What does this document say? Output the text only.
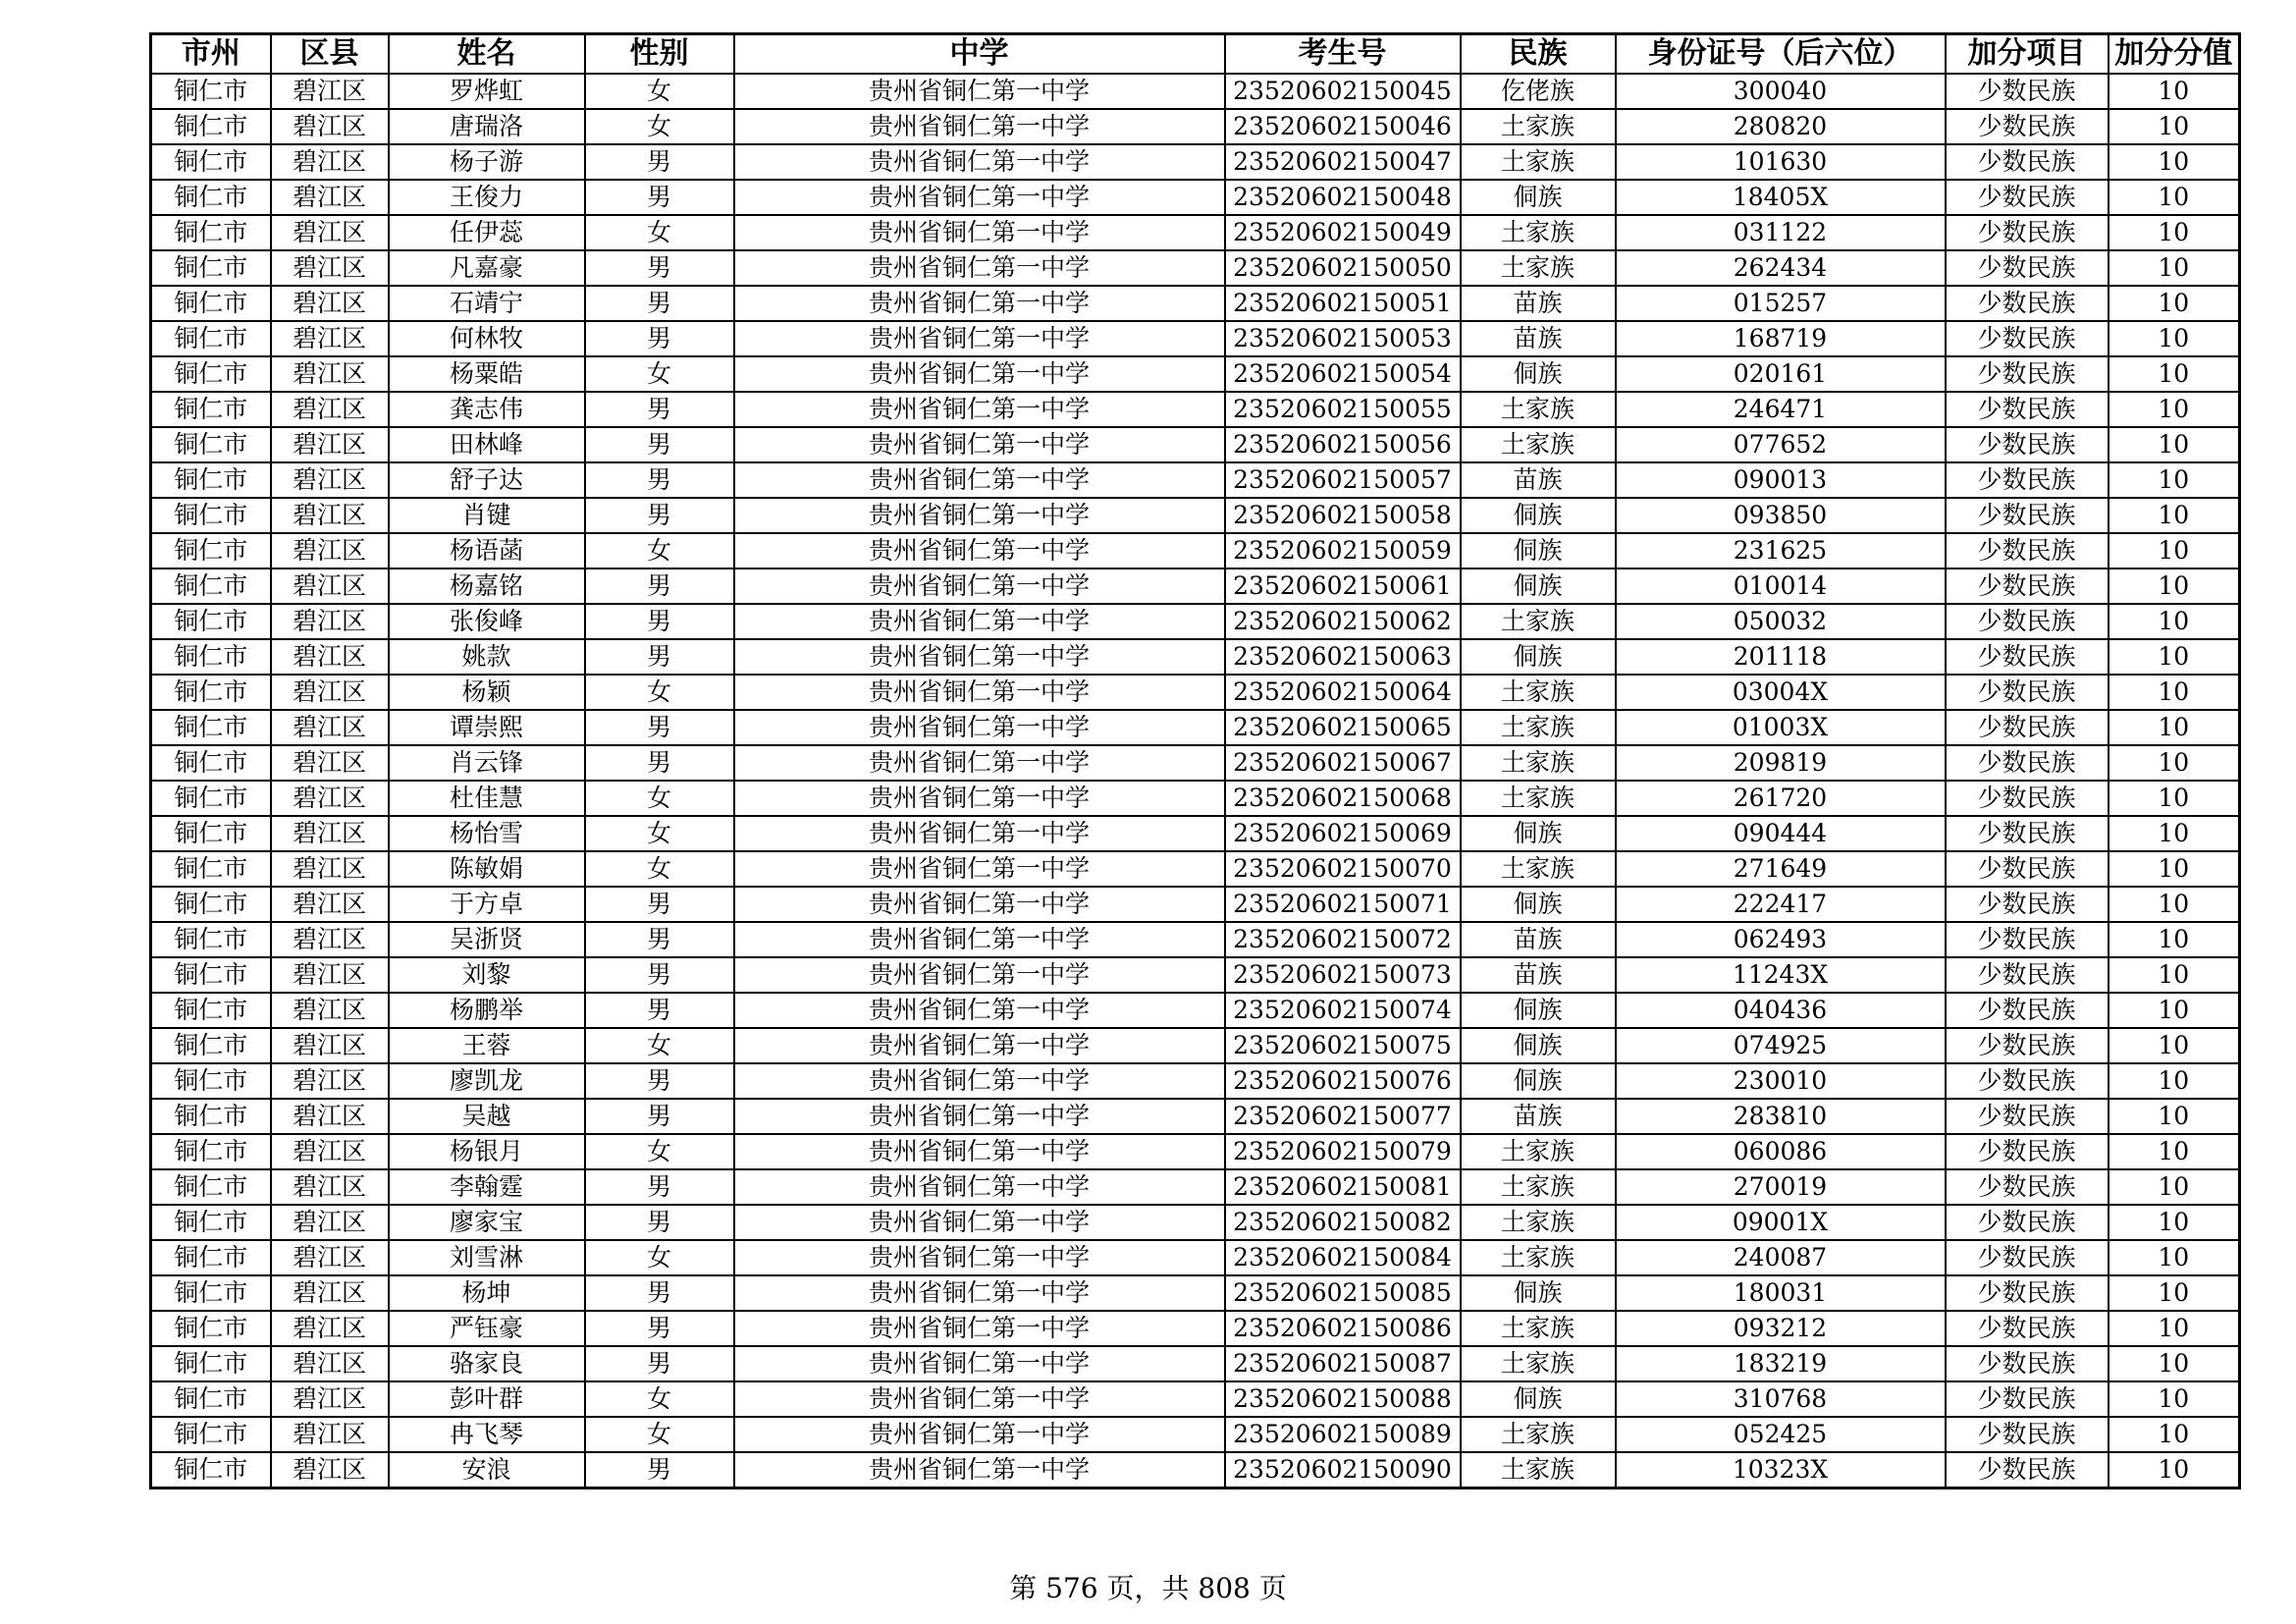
市州	区县	姓名	性别	中学	考生号	民族	身份证号（后六位）	加分项目	加分分值
铜仁市	碧江区	罗烨虹	女	贵州省铜仁第一中学	23520602150045	仡佬族	300040	少数民族	10
铜仁市	碧江区	唐瑞洛	女	贵州省铜仁第一中学	23520602150046	土家族	280820	少数民族	10
铜仁市	碧江区	杨子游	男	贵州省铜仁第一中学	23520602150047	土家族	101630	少数民族	10
铜仁市	碧江区	王俊力	男	贵州省铜仁第一中学	23520602150048	侗族	18405X	少数民族	10
铜仁市	碧江区	任伊蕊	女	贵州省铜仁第一中学	23520602150049	土家族	031122	少数民族	10
铜仁市	碧江区	凡嘉豪	男	贵州省铜仁第一中学	23520602150050	土家族	262434	少数民族	10
铜仁市	碧江区	石靖宁	男	贵州省铜仁第一中学	23520602150051	苗族	015257	少数民族	10
铜仁市	碧江区	何林牧	男	贵州省铜仁第一中学	23520602150053	苗族	168719	少数民族	10
铜仁市	碧江区	杨粟皓	女	贵州省铜仁第一中学	23520602150054	侗族	020161	少数民族	10
铜仁市	碧江区	龚志伟	男	贵州省铜仁第一中学	23520602150055	土家族	246471	少数民族	10
铜仁市	碧江区	田林峰	男	贵州省铜仁第一中学	23520602150056	土家族	077652	少数民族	10
铜仁市	碧江区	舒子达	男	贵州省铜仁第一中学	23520602150057	苗族	090013	少数民族	10
铜仁市	碧江区	肖键	男	贵州省铜仁第一中学	23520602150058	侗族	093850	少数民族	10
铜仁市	碧江区	杨语菡	女	贵州省铜仁第一中学	23520602150059	侗族	231625	少数民族	10
铜仁市	碧江区	杨嘉铭	男	贵州省铜仁第一中学	23520602150061	侗族	010014	少数民族	10
铜仁市	碧江区	张俊峰	男	贵州省铜仁第一中学	23520602150062	土家族	050032	少数民族	10
铜仁市	碧江区	姚款	男	贵州省铜仁第一中学	23520602150063	侗族	201118	少数民族	10
铜仁市	碧江区	杨颖	女	贵州省铜仁第一中学	23520602150064	土家族	03004X	少数民族	10
铜仁市	碧江区	谭崇熙	男	贵州省铜仁第一中学	23520602150065	土家族	01003X	少数民族	10
铜仁市	碧江区	肖云锋	男	贵州省铜仁第一中学	23520602150067	土家族	209819	少数民族	10
铜仁市	碧江区	杜佳慧	女	贵州省铜仁第一中学	23520602150068	土家族	261720	少数民族	10
铜仁市	碧江区	杨怡雪	女	贵州省铜仁第一中学	23520602150069	侗族	090444	少数民族	10
铜仁市	碧江区	陈敏娟	女	贵州省铜仁第一中学	23520602150070	土家族	271649	少数民族	10
铜仁市	碧江区	于方卓	男	贵州省铜仁第一中学	23520602150071	侗族	222417	少数民族	10
铜仁市	碧江区	吴浙贤	男	贵州省铜仁第一中学	23520602150072	苗族	062493	少数民族	10
铜仁市	碧江区	刘黎	男	贵州省铜仁第一中学	23520602150073	苗族	11243X	少数民族	10
铜仁市	碧江区	杨鹏举	男	贵州省铜仁第一中学	23520602150074	侗族	040436	少数民族	10
铜仁市	碧江区	王蓉	女	贵州省铜仁第一中学	23520602150075	侗族	074925	少数民族	10
铜仁市	碧江区	廖凯龙	男	贵州省铜仁第一中学	23520602150076	侗族	230010	少数民族	10
铜仁市	碧江区	吴越	男	贵州省铜仁第一中学	23520602150077	苗族	283810	少数民族	10
铜仁市	碧江区	杨银月	女	贵州省铜仁第一中学	23520602150079	土家族	060086	少数民族	10
铜仁市	碧江区	李翰霆	男	贵州省铜仁第一中学	23520602150081	土家族	270019	少数民族	10
铜仁市	碧江区	廖家宝	男	贵州省铜仁第一中学	23520602150082	土家族	09001X	少数民族	10
铜仁市	碧江区	刘雪淋	女	贵州省铜仁第一中学	23520602150084	土家族	240087	少数民族	10
铜仁市	碧江区	杨坤	男	贵州省铜仁第一中学	23520602150085	侗族	180031	少数民族	10
铜仁市	碧江区	严钰豪	男	贵州省铜仁第一中学	23520602150086	土家族	093212	少数民族	10
铜仁市	碧江区	骆家良	男	贵州省铜仁第一中学	23520602150087	土家族	183219	少数民族	10
铜仁市	碧江区	彭叶群	女	贵州省铜仁第一中学	23520602150088	侗族	310768	少数民族	10
铜仁市	碧江区	冉飞琴	女	贵州省铜仁第一中学	23520602150089	土家族	052425	少数民族	10
铜仁市	碧江区	安浪	男	贵州省铜仁第一中学	23520602150090	土家族	10323X	少数民族	10
第 576 页，共 808 页
